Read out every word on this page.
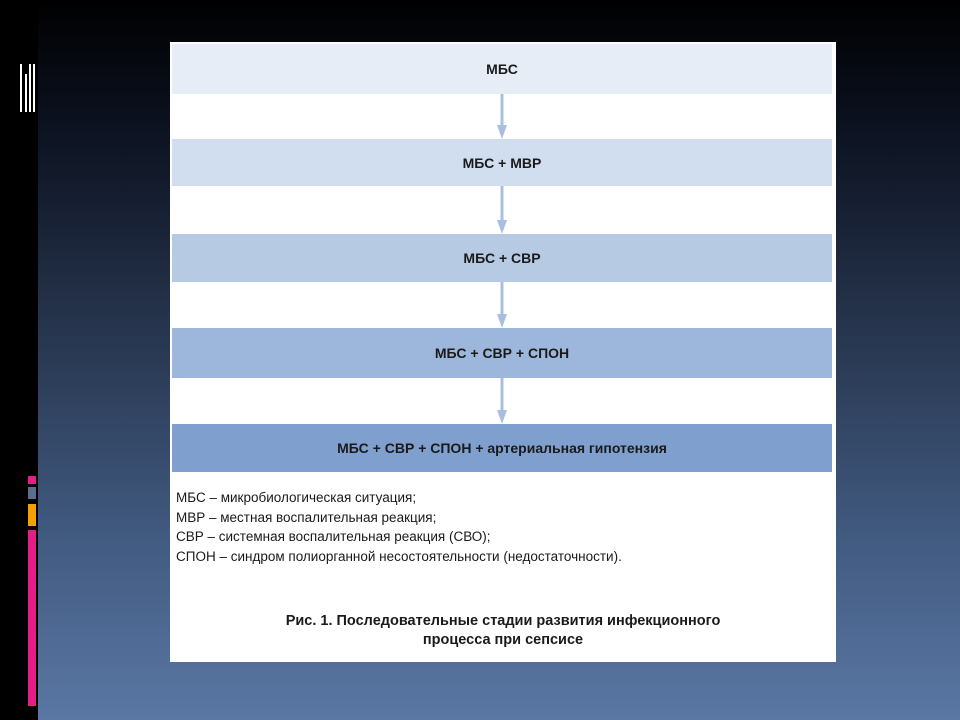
МБС
МБС + МВР
МБС + СВР
МБС + СВР + СПОН
МБС + СВР + СПОН + артериальная гипотензия
МБС – микробиологическая ситуация;
МВР – местная воспалительная реакция;
СВР – системная воспалительная реакция (СВО);
СПОН – синдром полиорганной несостоятельности (недостаточности).
Рис. 1. Последовательные стадии развития инфекционного
процесса при сепсисе
